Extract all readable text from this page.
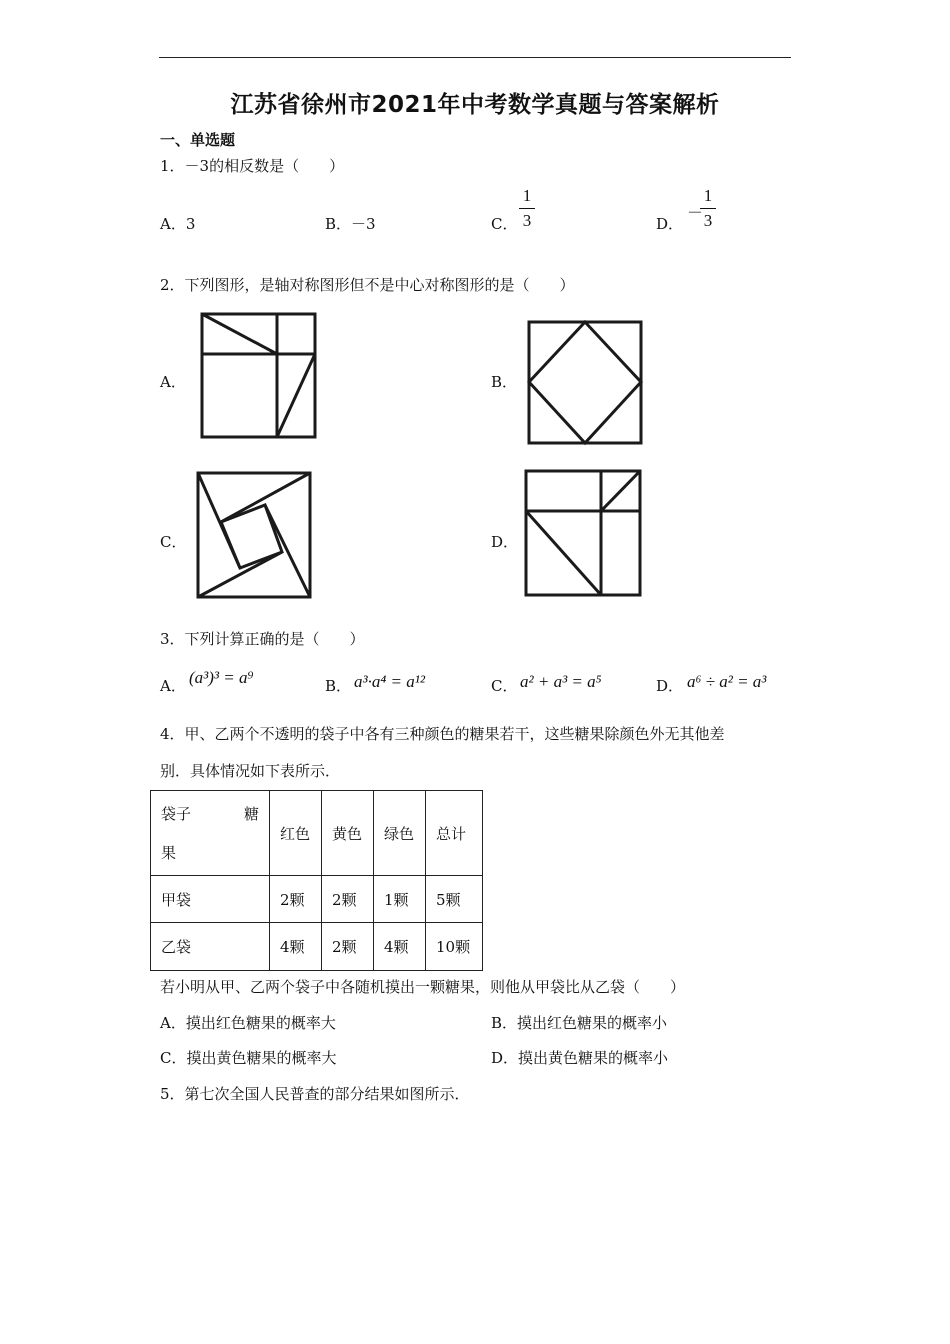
江苏省徐州市2021年中考数学真题与答案解析
一、单选题
1．－3的相反数是（　　）
A．3	B．－3	C．
1
3	D．
－
1
3
2．下列图形，是轴对称图形但不是中心对称图形的是（　　）
A．	B．
C．	D．
3．下列计算正确的是（　　）
A． (a³)³ = a⁹	B． a³·a⁴ = a¹²	C． a² + a³ = a⁵	D． a⁶ ÷ a² = a³
4．甲、乙两个不透明的袋子中各有三种颜色的糖果若干，这些糖果除颜色外无其他差
别．具体情况如下表所示．
袋子 糖
果	红色	黄色	绿色	总计
甲袋	2颗	2颗	1颗	5颗
乙袋	4颗	2颗	4颗	10颗
若小明从甲、乙两个袋子中各随机摸出一颗糖果，则他从甲袋比从乙袋（　　）
A．摸出红色糖果的概率大	B．摸出红色糖果的概率小
C．摸出黄色糖果的概率大	D．摸出黄色糖果的概率小
5．第七次全国人民普查的部分结果如图所示．
